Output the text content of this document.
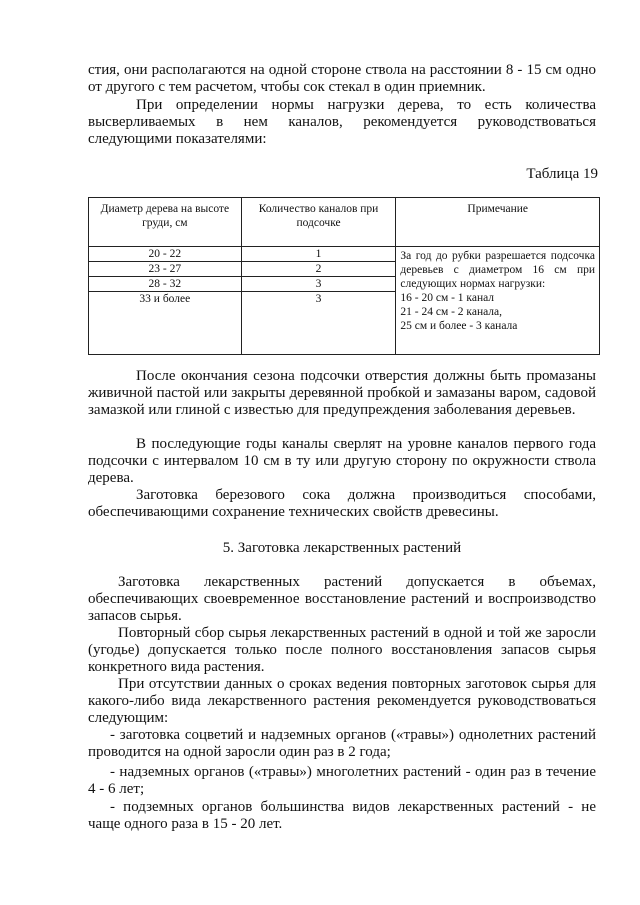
стия, они располагаются на одной стороне ствола на расстоянии 8 - 15 см одно от другого с тем расчетом, чтобы сок стекал в один приемник.

При определении нормы нагрузки дерева, то есть количества высверливаемых в нем каналов, рекомендуется руководствоваться следующими показателями:

Таблица 19
Диаметр дерева на высоте груди, см	Количество каналов при подсочке	Примечание
20 - 22	1	За год до рубки разрешается подсочка деревьев с диаметром 16 см при следующих нормах нагрузки:
16 - 20 см - 1 канал
21 - 24 см - 2 канала,
25 см и более - 3 канала

23 - 27	2	
28 - 32	3	
33 и более	3	

После окончания сезона подсочки отверстия должны быть промазаны живичной пастой или закрыты деревянной пробкой и замазаны варом, садовой замазкой или глиной с известью для предупреждения заболевания деревьев.

В последующие годы каналы сверлят на уровне каналов первого года подсочки с интервалом 10 см в ту или другую сторону по окружности ствола дерева.

Заготовка березового сока должна производиться способами, обеспечивающими сохранение технических свойств древесины.

5. Заготовка лекарственных растений

Заготовка лекарственных растений допускается в объемах, обеспечивающих своевременное восстановление растений и воспроизводство запасов сырья.

Повторный сбор сырья лекарственных растений в одной и той же заросли (угодье) допускается только после полного восстановления запасов сырья конкретного вида растения.

При отсутствии данных о сроках ведения повторных заготовок сырья для какого-либо вида лекарственного растения рекомендуется руководствоваться следующим:

- заготовка соцветий и надземных органов («травы») однолетних растений проводится на одной заросли один раз в 2 года;

- надземных органов («травы») многолетних растений - один раз в течение 4 - 6 лет;

- подземных органов большинства видов лекарственных растений - не чаще одного раза в 15 - 20 лет.
